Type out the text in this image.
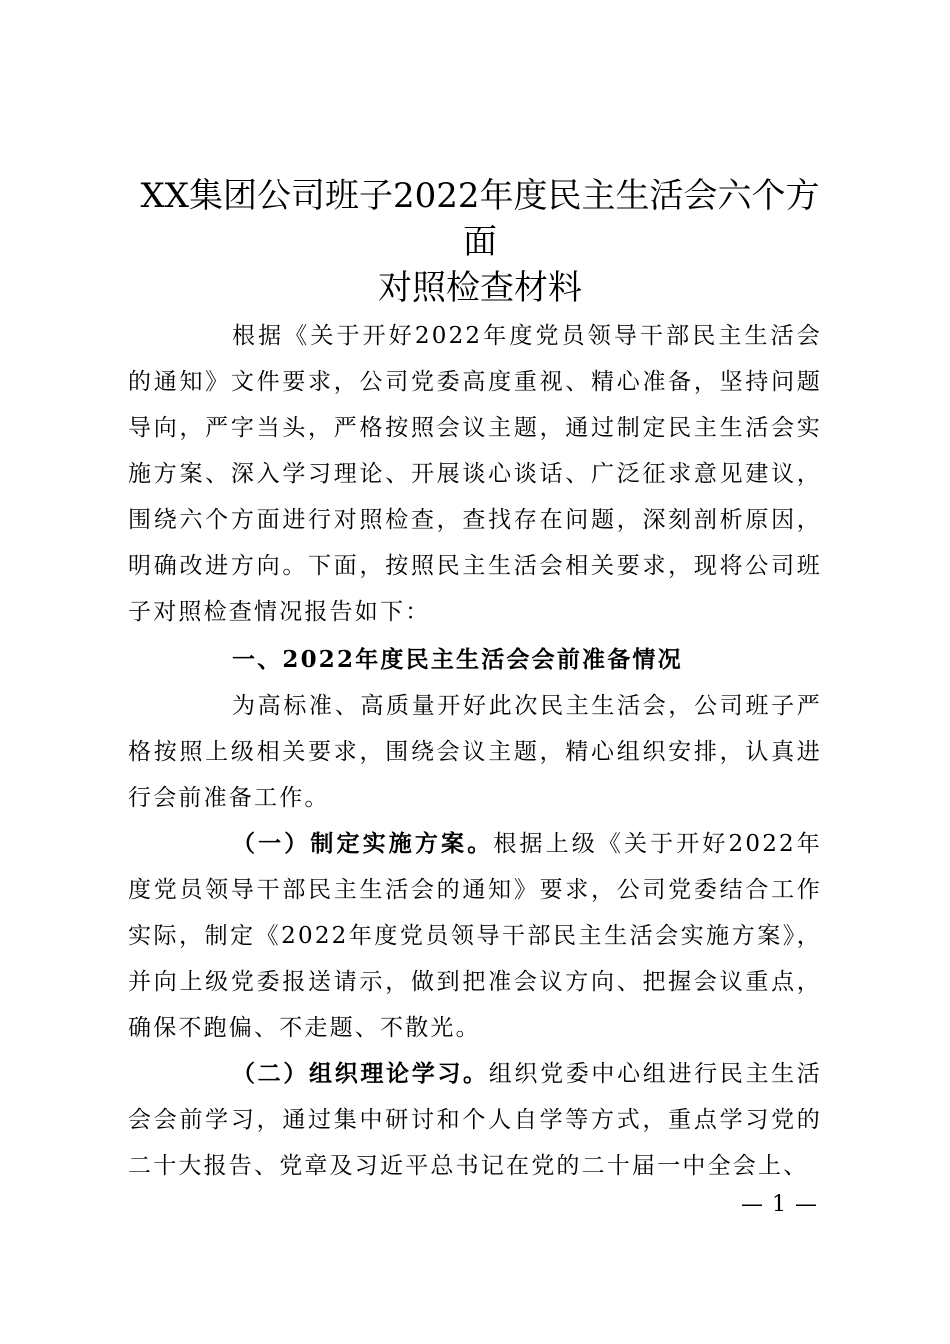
XX集团公司班子2022年度民主生活会六个方
面
对照检查材料

根据《关于开好2022年度党员领导干部民主生活会的通知》文件要求，公司党委高度重视、精心准备，坚持问题导向，严字当头，严格按照会议主题，通过制定民主生活会实施方案、深入学习理论、开展谈心谈话、广泛征求意见建议，围绕六个方面进行对照检查，查找存在问题，深刻剖析原因，明确改进方向。下面，按照民主生活会相关要求，现将公司班子对照检查情况报告如下：

一、2022年度民主生活会会前准备情况

为高标准、高质量开好此次民主生活会，公司班子严格按照上级相关要求，围绕会议主题，精心组织安排，认真进行会前准备工作。

（一）制定实施方案。根据上级《关于开好2022年度党员领导干部民主生活会的通知》要求，公司党委结合工作实际，制定《2022年度党员领导干部民主生活会实施方案》，并向上级党委报送请示，做到把准会议方向、把握会议重点，确保不跑偏、不走题、不散光。

（二）组织理论学习。组织党委中心组进行民主生活会会前学习，通过集中研讨和个人自学等方式，重点学习党的二十大报告、党章及习近平总书记在党的二十届一中全会上、

— 1 —
